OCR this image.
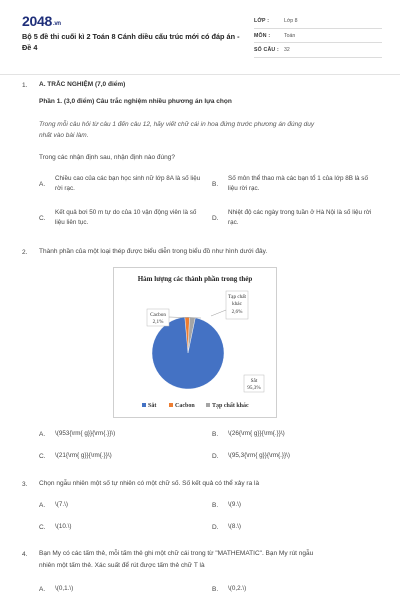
2048.vn
Bộ 5 đề thi cuối kì 2 Toán 8 Cánh diều cấu trúc mới có đáp án - Đề 4
LỚP :	Lớp 8
MÔN :	Toán
SỐ CÂU : 32
1. A. TRẮC NGHIỆM (7,0 điểm)
Phần 1. (3,0 điểm) Câu trắc nghiệm nhiều phương án lựa chọn
Trong mỗi câu hỏi từ câu 1 đến câu 12, hãy viết chữ cái in hoa đứng trước phương án đúng duy
nhất vào bài làm.
Trong các nhận định sau, nhận định nào đúng?
A.
Chiều cao của các bạn học sinh nữ lớp 8A là số liệu rời rạc.
B.
Số môn thể thao mà các bạn tổ 1 của lớp 8B là số liệu rời rạc.
C.
Kết quả bơi 50 m tự do của 10 vận động viên là số liệu liên tục.
D.
Nhiệt độ các ngày trong tuần ở Hà Nội là số liệu rời rạc.
2. Thành phần của một loại thép được biểu diễn trong biểu đồ như hình dưới đây.
Hàm lượng các thành phần trong thép
Cacbon
2,1%
Tạp chất
khác
2,6%
Sắt
95,3%
Sắt	Cacbon	Tạp chất khác
A. \(953{\rm{ g}}{\rm{.}}\)	B. \(26{\rm{ g}}{\rm{.}}\)
C. \(21{\rm{ g}}{\rm{.}}\)	D. \(95,3{\rm{ g}}{\rm{.}}\)
3. Chọn ngẫu nhiên một số tự nhiên có một chữ số. Số kết quả có thể xảy ra là
A. \(7.\)	B. \(9.\)
C. \(10.\)	D. \(8.\)
4. Bạn My có các tấm thẻ, mỗi tấm thẻ ghi một chữ cái trong từ "MATHEMATIC". Bạn My rút ngẫu
nhiên một tấm thẻ. Xác suất để rút được tấm thẻ chữ T là
A. \(0,1.\)	B. \(0,2.\)
